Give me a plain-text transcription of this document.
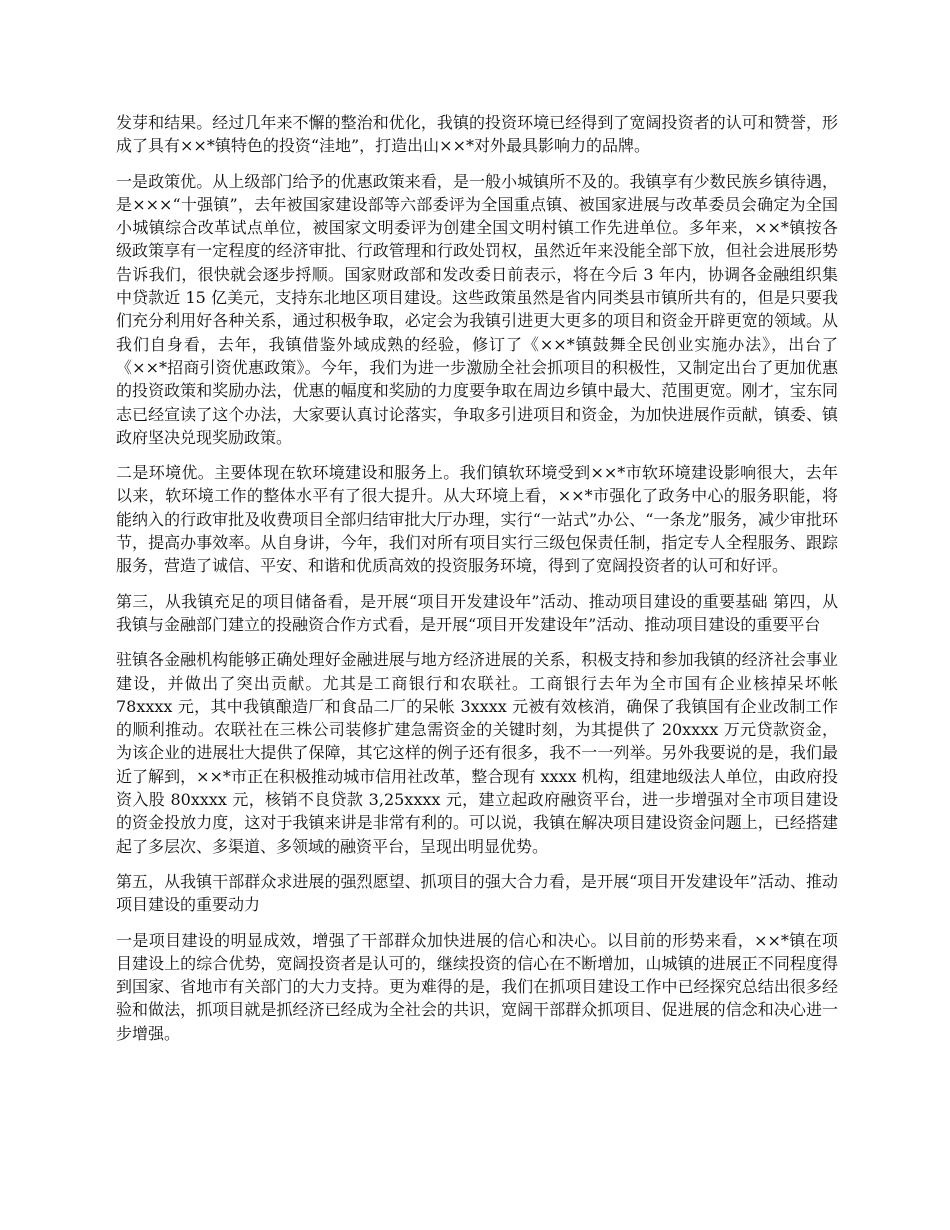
发芽和结果。经过几年来不懈的整治和优化，我镇的投资环境已经得到了宽阔投资者的认可和赞誉，形成了具有××*镇特色的投资“洼地”，打造出山××*对外最具影响力的品牌。

一是政策优。从上级部门给予的优惠政策来看，是一般小城镇所不及的。我镇享有少数民族乡镇待遇，是×××“十强镇”，去年被国家建设部等六部委评为全国重点镇、被国家进展与改革委员会确定为全国小城镇综合改革试点单位，被国家文明委评为创建全国文明村镇工作先进单位。多年来，××*镇按各级政策享有一定程度的经济审批、行政管理和行政处罚权，虽然近年来没能全部下放，但社会进展形势告诉我们，很快就会逐步捋顺。国家财政部和发改委日前表示，将在今后 3 年内，协调各金融组织集中贷款近 15 亿美元，支持东北地区项目建设。这些政策虽然是省内同类县市镇所共有的，但是只要我们充分利用好各种关系，通过积极争取，必定会为我镇引进更大更多的项目和资金开辟更宽的领域。从我们自身看，去年，我镇借鉴外域成熟的经验，修订了《××*镇鼓舞全民创业实施办法》，出台了《××*招商引资优惠政策》。今年，我们为进一步激励全社会抓项目的积极性，又制定出台了更加优惠的投资政策和奖励办法，优惠的幅度和奖励的力度要争取在周边乡镇中最大、范围更宽。刚才，宝东同志已经宣读了这个办法，大家要认真讨论落实，争取多引进项目和资金，为加快进展作贡献，镇委、镇政府坚决兑现奖励政策。

二是环境优。主要体现在软环境建设和服务上。我们镇软环境受到××*市软环境建设影响很大，去年以来，软环境工作的整体水平有了很大提升。从大环境上看，××*市强化了政务中心的服务职能，将能纳入的行政审批及收费项目全部归结审批大厅办理，实行“一站式”办公、“一条龙”服务，减少审批环节，提高办事效率。从自身讲，今年，我们对所有项目实行三级包保责任制，指定专人全程服务、跟踪服务，营造了诚信、平安、和谐和优质高效的投资服务环境，得到了宽阔投资者的认可和好评。

第三，从我镇充足的项目储备看，是开展“项目开发建设年”活动、推动项目建设的重要基础 第四，从我镇与金融部门建立的投融资合作方式看，是开展“项目开发建设年”活动、推动项目建设的重要平台

驻镇各金融机构能够正确处理好金融进展与地方经济进展的关系，积极支持和参加我镇的经济社会事业建设，并做出了突出贡献。尤其是工商银行和农联社。工商银行去年为全市国有企业核掉呆坏帐 78xxxx 元，其中我镇酿造厂和食品二厂的呆帐 3xxxx 元被有效核消，确保了我镇国有企业改制工作的顺利推动。农联社在三株公司装修扩建急需资金的关键时刻，为其提供了 20xxxx 万元贷款资金，为该企业的进展壮大提供了保障，其它这样的例子还有很多，我不一一列举。另外我要说的是，我们最近了解到，××*市正在积极推动城市信用社改革，整合现有 xxxx 机构，组建地级法人单位，由政府投资入股 80xxxx 元，核销不良贷款 3,25xxxx 元，建立起政府融资平台，进一步增强对全市项目建设的资金投放力度，这对于我镇来讲是非常有利的。可以说，我镇在解决项目建设资金问题上，已经搭建起了多层次、多渠道、多领域的融资平台，呈现出明显优势。

第五，从我镇干部群众求进展的强烈愿望、抓项目的强大合力看，是开展“项目开发建设年”活动、推动项目建设的重要动力

一是项目建设的明显成效，增强了干部群众加快进展的信心和决心。以目前的形势来看，××*镇在项目建设上的综合优势，宽阔投资者是认可的，继续投资的信心在不断增加，山城镇的进展正不同程度得到国家、省地市有关部门的大力支持。更为难得的是，我们在抓项目建设工作中已经探究总结出很多经验和做法，抓项目就是抓经济已经成为全社会的共识，宽阔干部群众抓项目、促进展的信念和决心进一步增强。
